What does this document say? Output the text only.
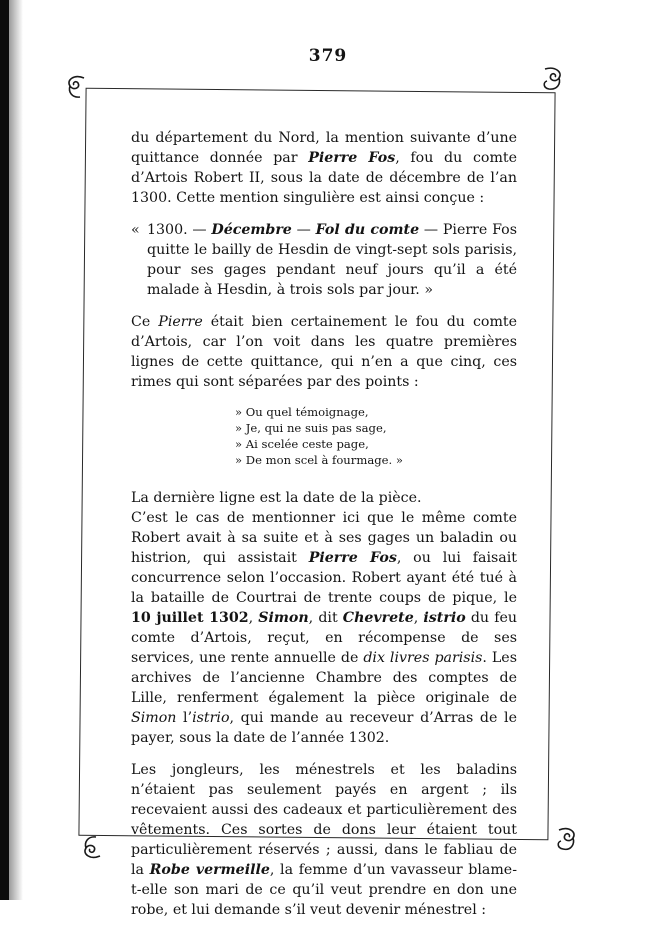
379

du département du Nord, la mention suivante d’une quittance donnée par Pierre Fos, fou du comte d’Artois Robert II, sous la date de décembre de l’an 1300. Cette mention singulière est ainsi conçue :

« 1300. — Décembre — Fol du comte — Pierre Fos quitte le bailly de Hesdin de vingt-sept sols parisis, pour ses gages pendant neuf jours qu’il a été malade à Hesdin, à trois sols par jour. »

Ce Pierre était bien certainement le fou du comte d’Artois, car l’on voit dans les quatre premières lignes de cette quittance, qui n’en a que cinq, ces rimes qui sont séparées par des points :

» Ou quel témoignage,
» Je, qui ne suis pas sage,
» Ai scelée ceste page,
» De mon scel à fourmage. »

La dernière ligne est la date de la pièce.

C’est le cas de mentionner ici que le même comte Robert avait à sa suite et à ses gages un baladin ou histrion, qui assistait Pierre Fos, ou lui faisait concurrence selon l’occasion. Robert ayant été tué à la bataille de Courtrai de trente coups de pique, le 10 juillet 1302, Simon, dit Chevrete, istrio du feu comte d’Artois, reçut, en récompense de ses services, une rente annuelle de dix livres parisis. Les archives de l’ancienne Chambre des comptes de Lille, renferment également la pièce originale de Simon l’istrio, qui mande au receveur d’Arras de le payer, sous la date de l’année 1302.

Les jongleurs, les ménestrels et les baladins n’étaient pas seulement payés en argent ; ils recevaient aussi des cadeaux et particulièrement des vêtements. Ces sortes de dons leur étaient tout particulièrement réservés ; aussi, dans le fabliau de la Robe vermeille, la femme d’un vavasseur blame-t-elle son mari de ce qu’il veut prendre en don une robe, et lui demande s’il veut devenir ménestrel :
